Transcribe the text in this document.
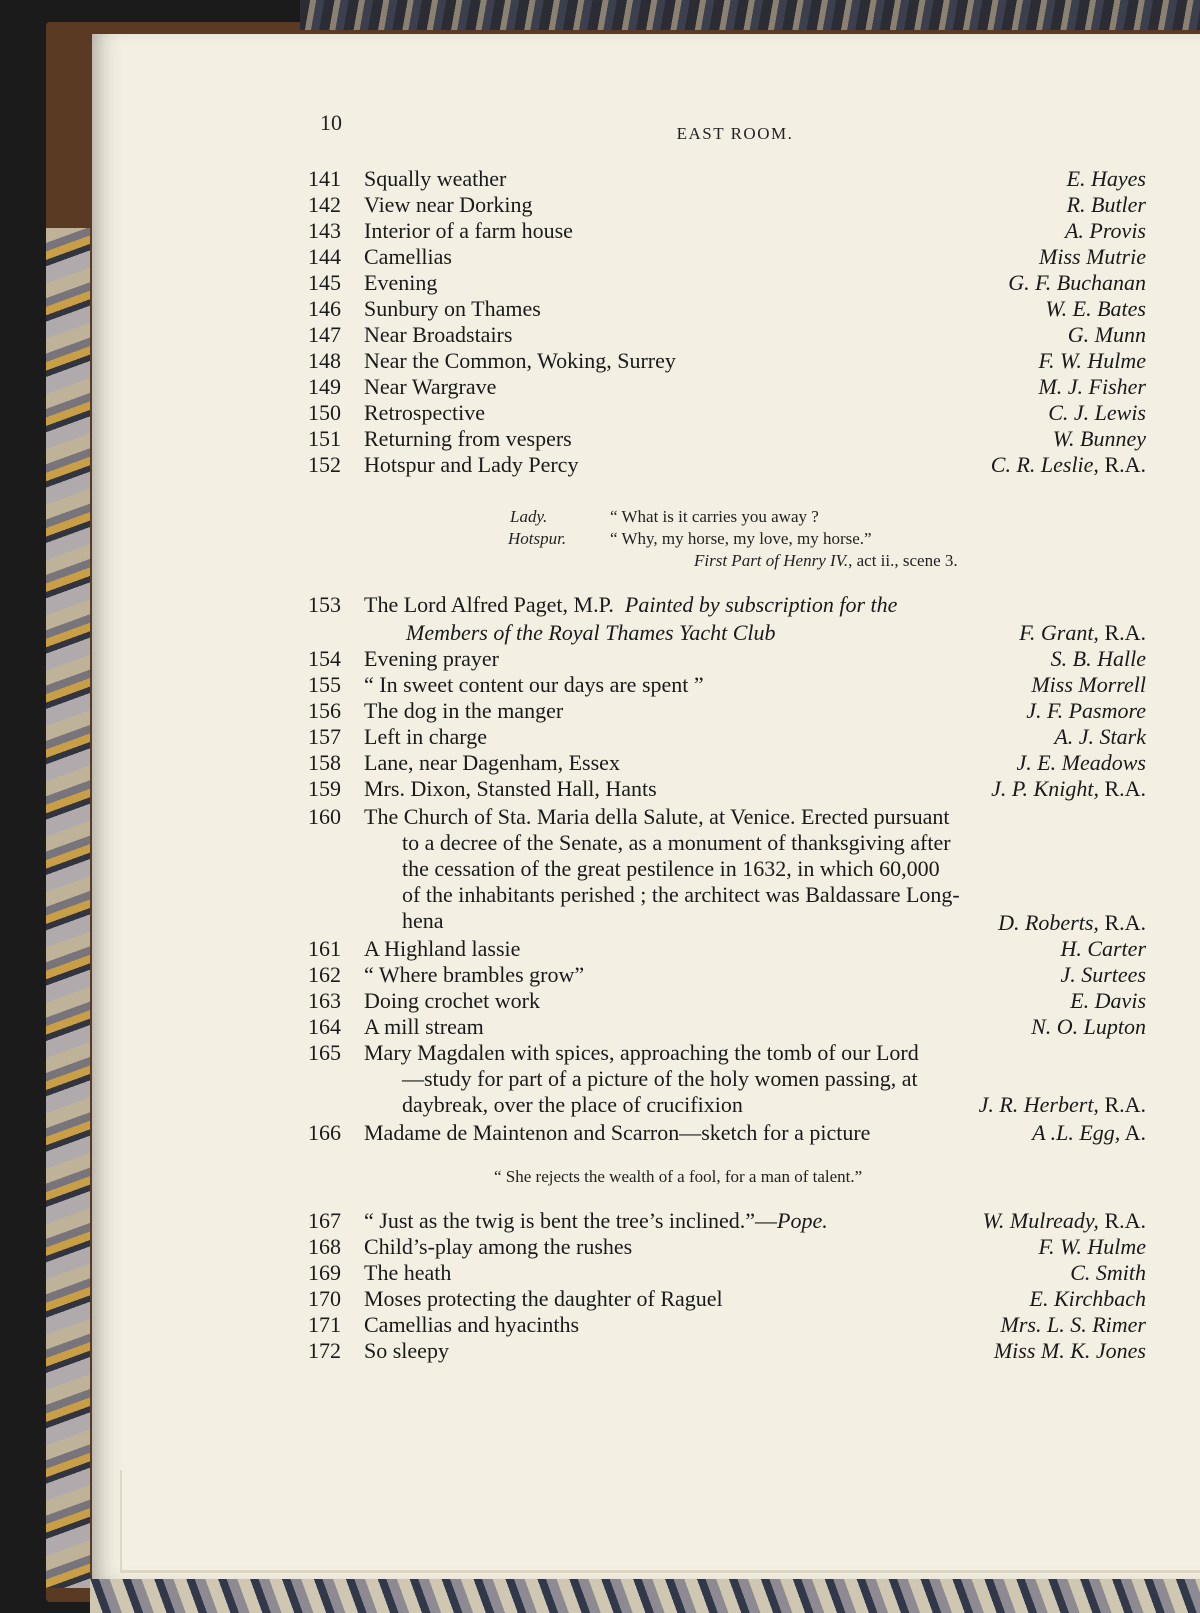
10	EAST ROOM.
141	Squally weather	E. Hayes
142	View near Dorking	R. Butler
143	Interior of a farm house	A. Provis
144	Camellias	Miss Mutrie
145	Evening	G. F. Buchanan
146	Sunbury on Thames	W. E. Bates
147	Near Broadstairs	G. Munn
148	Near the Common, Woking, Surrey	F. W. Hulme
149	Near Wargrave	M. J. Fisher
150	Retrospective	C. J. Lewis
151	Returning from vespers	W. Bunney
152	Hotspur and Lady Percy	C. R. Leslie, R.A.
Lady.	“ What is it carries you away ?
Hotspur.	“ Why, my horse, my love, my horse.”
First Part of Henry IV., act ii., scene 3.
153	The Lord Alfred Paget, M.P. Painted by subscription for the
Members of the Royal Thames Yacht Club	F. Grant, R.A.
154	Evening prayer	S. B. Halle
155	“ In sweet content our days are spent ”	Miss Morrell
156	The dog in the manger	J. F. Pasmore
157	Left in charge	A. J. Stark
158	Lane, near Dagenham, Essex	J. E. Meadows
159	Mrs. Dixon, Stansted Hall, Hants	J. P. Knight, R.A.
160	The Church of Sta. Maria della Salute, at Venice. Erected pursuant
to a decree of the Senate, as a monument of thanksgiving after
the cessation of the great pestilence in 1632, in which 60,000
of the inhabitants perished ; the architect was Baldassare Long-
hena	D. Roberts, R.A.
161	A Highland lassie	H. Carter
162	“ Where brambles grow”	J. Surtees
163	Doing crochet work	E. Davis
164	A mill stream	N. O. Lupton
165	Mary Magdalen with spices, approaching the tomb of our Lord
—study for part of a picture of the holy women passing, at
daybreak, over the place of crucifixion	J. R. Herbert, R.A.
166	Madame de Maintenon and Scarron—sketch for a picture	A .L. Egg, A.
“ She rejects the wealth of a fool, for a man of talent.”
167	“ Just as the twig is bent the tree’s inclined.”—Pope.	W. Mulready, R.A.
168	Child’s-play among the rushes	F. W. Hulme
169	The heath	C. Smith
170	Moses protecting the daughter of Raguel	E. Kirchbach
171	Camellias and hyacinths	Mrs. L. S. Rimer
172	So sleepy	Miss M. K. Jones
